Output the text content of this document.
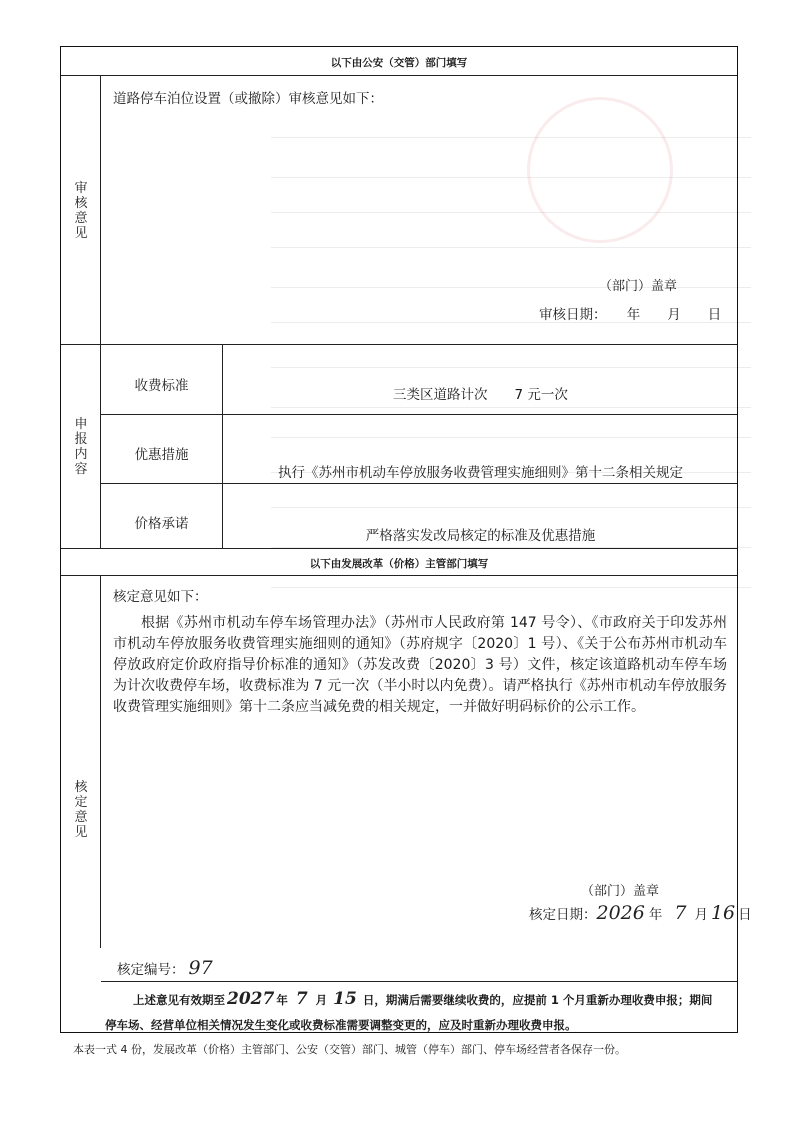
以下由公安（交管）部门填写
审核意见
道路停车泊位设置（或撤除）审核意见如下：
（部门）盖章
审核日期：　　年　　月　　日
申报内容
收费标准
三类区道路计次　　7 元一次
优惠措施
执行《苏州市机动车停放服务收费管理实施细则》第十二条相关规定
价格承诺
严格落实发改局核定的标准及优惠措施
以下由发展改革（价格）主管部门填写
核定意见
核定意见如下：
根据《苏州市机动车停车场管理办法》（苏州市人民政府第 147 号令）、《市政府关于印发苏州市机动车停放服务收费管理实施细则的通知》（苏府规字〔2020〕1 号）、《关于公布苏州市机动车停放政府定价政府指导价标准的通知》（苏发改费〔2020〕3 号）文件，核定该道路机动车停车场为计次收费停车场，收费标准为 7 元一次（半小时以内免费）。请严格执行《苏州市机动车停放服务收费管理实施细则》第十二条应当减免费的相关规定，一并做好明码标价的公示工作。
（部门）盖章
核定日期：2026 年 7 月 16 日
核定编号： 97
上述意见有效期至 2027 年 7 月 15 日，期满后需要继续收费的，应提前 1 个月重新办理收费申报；期间
停车场、经营单位相关情况发生变化或收费标准需要调整变更的，应及时重新办理收费申报。
本表一式 4 份，发展改革（价格）主管部门、公安（交管）部门、城管（停车）部门、停车场经营者各保存一份。
